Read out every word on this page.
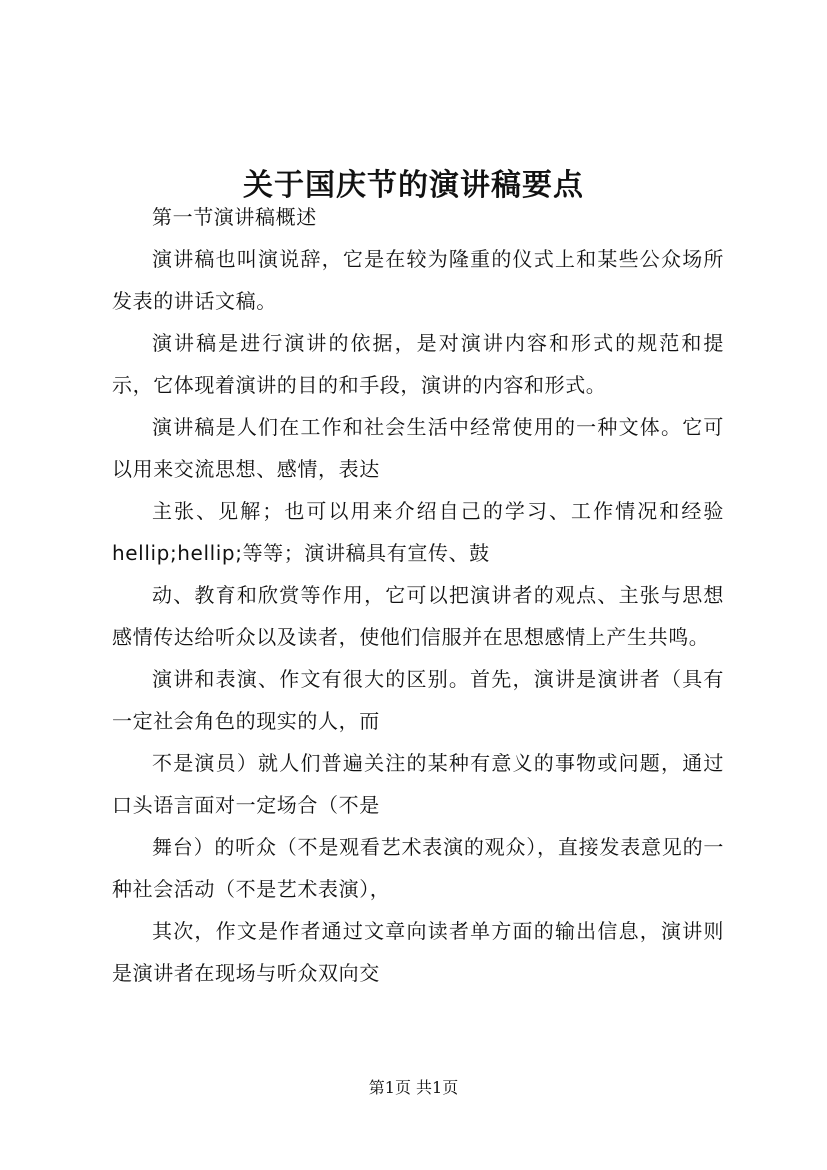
关于国庆节的演讲稿要点

第一节演讲稿概述

演讲稿也叫演说辞，它是在较为隆重的仪式上和某些公众场所发表的讲话文稿。

演讲稿是进行演讲的依据，是对演讲内容和形式的规范和提示，它体现着演讲的目的和手段，演讲的内容和形式。

演讲稿是人们在工作和社会生活中经常使用的一种文体。它可以用来交流思想、感情，表达

主张、见解；也可以用来介绍自己的学习、工作情况和经验hellip;hellip;等等；演讲稿具有宣传、鼓

动、教育和欣赏等作用，它可以把演讲者的观点、主张与思想感情传达给听众以及读者，使他们信服并在思想感情上产生共鸣。

演讲和表演、作文有很大的区别。首先，演讲是演讲者（具有一定社会角色的现实的人，而

不是演员）就人们普遍关注的某种有意义的事物或问题，通过口头语言面对一定场合（不是

舞台）的听众（不是观看艺术表演的观众），直接发表意见的一种社会活动（不是艺术表演），

其次，作文是作者通过文章向读者单方面的输出信息，演讲则是演讲者在现场与听众双向交

第1页 共1页
